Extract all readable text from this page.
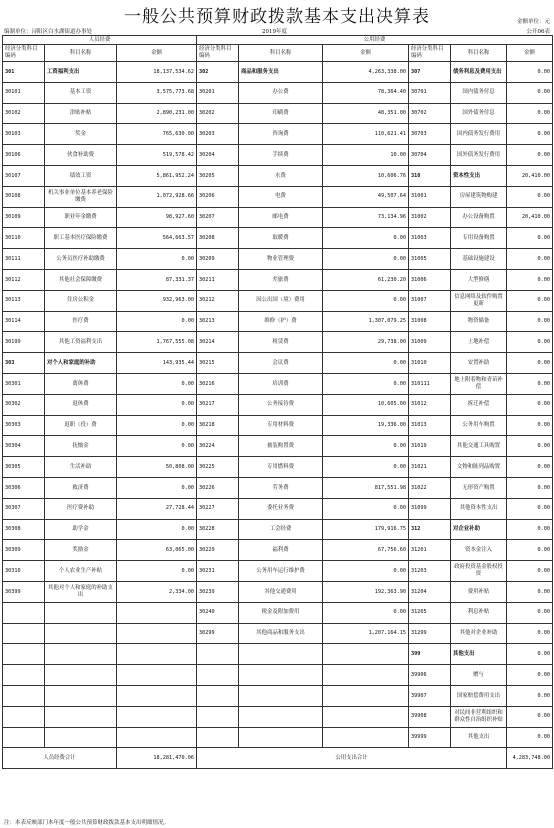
一般公共预算财政拨款基本支出决算表	金额单位：元
编制单位：浔阳区白水湖街道办事处	2019年度	公开06表
人员经费			公用经费					
经济分类科目编码	科目名称	金额	经济分类科目编码	科目名称	金额	经济分类科目编码	科目名称	金额
301	工资福利支出	18,137,534.62	302	商品和服务支出	4,263,338.00	307	债务利息及费用支出	0.00
30101	基本工资	3,575,773.68	30201	办公费	78,364.40	30701	国内债务付息	0.00
30102	津贴补贴	2,890,231.00	30202	印刷费	48,351.00	30702	国外债务付息	0.00
30103	奖金	765,630.00	30203	咨询费	110,621.41	30703	国内债务发行费用	0.00
30106	伙食补助费	519,578.42	30204	手续费	10.00	30704	国外债务发行费用	0.00
30107	绩效工资	5,861,952.24	30205	水费	10,606.76	310	资本性支出	20,410.00
30108	机关事业单位基本养老保险缴费	1,072,928.66	30206	电费	49,507.64	31001	房屋建筑物购建	0.00
30109	职业年金缴费	98,927.60	30207	邮电费	73,134.96	31002	办公设备购置	20,410.00
30110	职工基本医疗保险缴费	564,663.57	30208	取暖费	0.00	31003	专用设备购置	0.00
30111	公务员医疗补助缴费	0.00	30209	物业管理费	0.00	31005	基础设施建设	0.00
30112	其他社会保障缴费	87,331.37	30211	差旅费	61,230.20	31006	大型修缮	0.00
30113	住房公积金	932,963.00	30212	因公出国（境）费用	0.00	31007	信息网络及软件购置更新	0.00
30114	医疗费	0.00	30213	维修（护）费	1,307,079.25	31008	物资储备	0.00
30199	其他工资福利支出	1,767,555.08	30214	租赁费	29,738.00	31009	土地补偿	0.00
303	对个人和家庭的补助	143,935.44	30215	会议费	0.00	31010	安置补助	0.00
30301	离休费	0.00	30216	培训费	0.00	310111	地上附着物和青苗补偿	0.00
30302	退休费	0.00	30217	公务接待费	10,605.00	31012	拆迁补偿	0.00
30303	退职（役）费	0.00	30218	专用材料费	19,336.00	31013	公务用车购置	0.00
30304	抚恤金	0.00	30224	被装购置费	0.00	31019	其他交通工具购置	0.00
30305	生活补助	50,808.00	30225	专用燃料费	0.00	31021	文物和陈列品购置	0.00
30306	救济费	0.00	30226	劳务费	817,551.98	31022	无形资产购置	0.00
30307	医疗费补助	27,728.44	30227	委托业务费	0.00	31099	其他资本性支出	0.00
30308	助学金	0.00	30228	工会经费	179,916.75	312	对企业补助	0.00
30309	奖励金	63,065.00	30229	福利费	67,756.60	31201	资本金注入	0.00
30310	个人农业生产补贴	0.00	30231	公务用车运行维护费	0.00	31203	政府投资基金股权投资	0.00
30399	其他对个人和家庭的补助支出	2,334.00	30239	其他交通费用	192,363.90	31204	费用补贴	0.00
			30240	税金及附加费用	0.00	31205	利息补贴	0.00
			30299	其他商品和服务支出	1,207,164.15	31299	其他对企业补助	0.00
						399	其他支出	0.00
						39906	赠与	0.00
						39907	国家赔偿费用支出	0.00
						39908	对民间非营利组织和群众性自治组织补贴	0.00
						39999	其他支出	0.00
人员经费合计		18,281,470.06	公用支出合计					4,283,748.00
注：本表反映部门本年度一般公共预算财政拨款基本支出明细情况。
